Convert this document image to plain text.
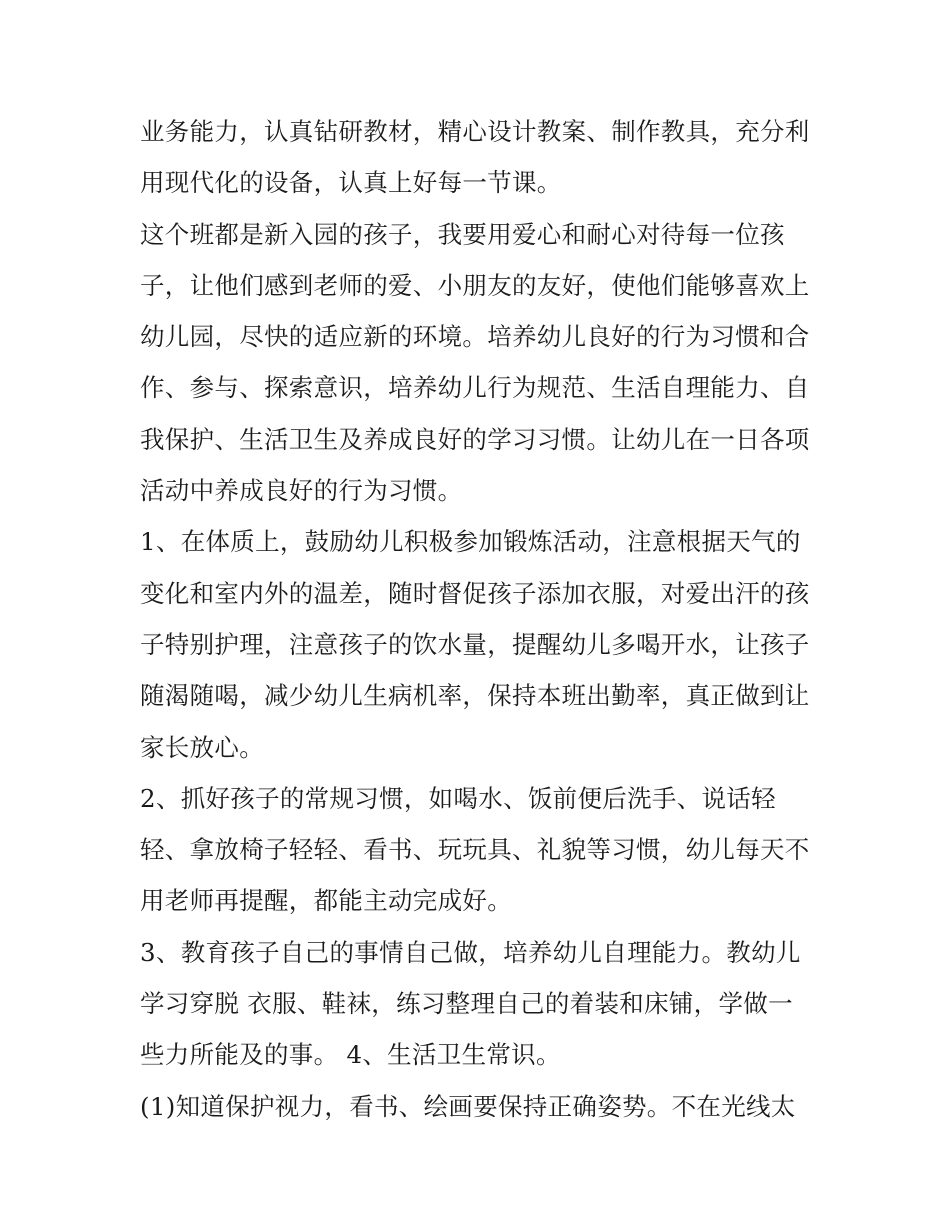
业务能力，认真钻研教材，精心设计教案、制作教具，充分利
用现代化的设备，认真上好每一节课。
这个班都是新入园的孩子，我要用爱心和耐心对待每一位孩
子，让他们感到老师的爱、小朋友的友好，使他们能够喜欢上
幼儿园，尽快的适应新的环境。培养幼儿良好的行为习惯和合
作、参与、探索意识，培养幼儿行为规范、生活自理能力、自
我保护、生活卫生及养成良好的学习习惯。让幼儿在一日各项
活动中养成良好的行为习惯。
1、在体质上，鼓励幼儿积极参加锻炼活动，注意根据天气的
变化和室内外的温差，随时督促孩子添加衣服，对爱出汗的孩
子特别护理，注意孩子的饮水量，提醒幼儿多喝开水，让孩子
随渴随喝，减少幼儿生病机率，保持本班出勤率，真正做到让
家长放心。
2、抓好孩子的常规习惯，如喝水、饭前便后洗手、说话轻
轻、拿放椅子轻轻、看书、玩玩具、礼貌等习惯，幼儿每天不
用老师再提醒，都能主动完成好。
3、教育孩子自己的事情自己做，培养幼儿自理能力。教幼儿
学习穿脱 衣服、鞋袜，练习整理自己的着装和床铺，学做一
些力所能及的事。 4、生活卫生常识。
(1)知道保护视力，看书、绘画要保持正确姿势。不在光线太
